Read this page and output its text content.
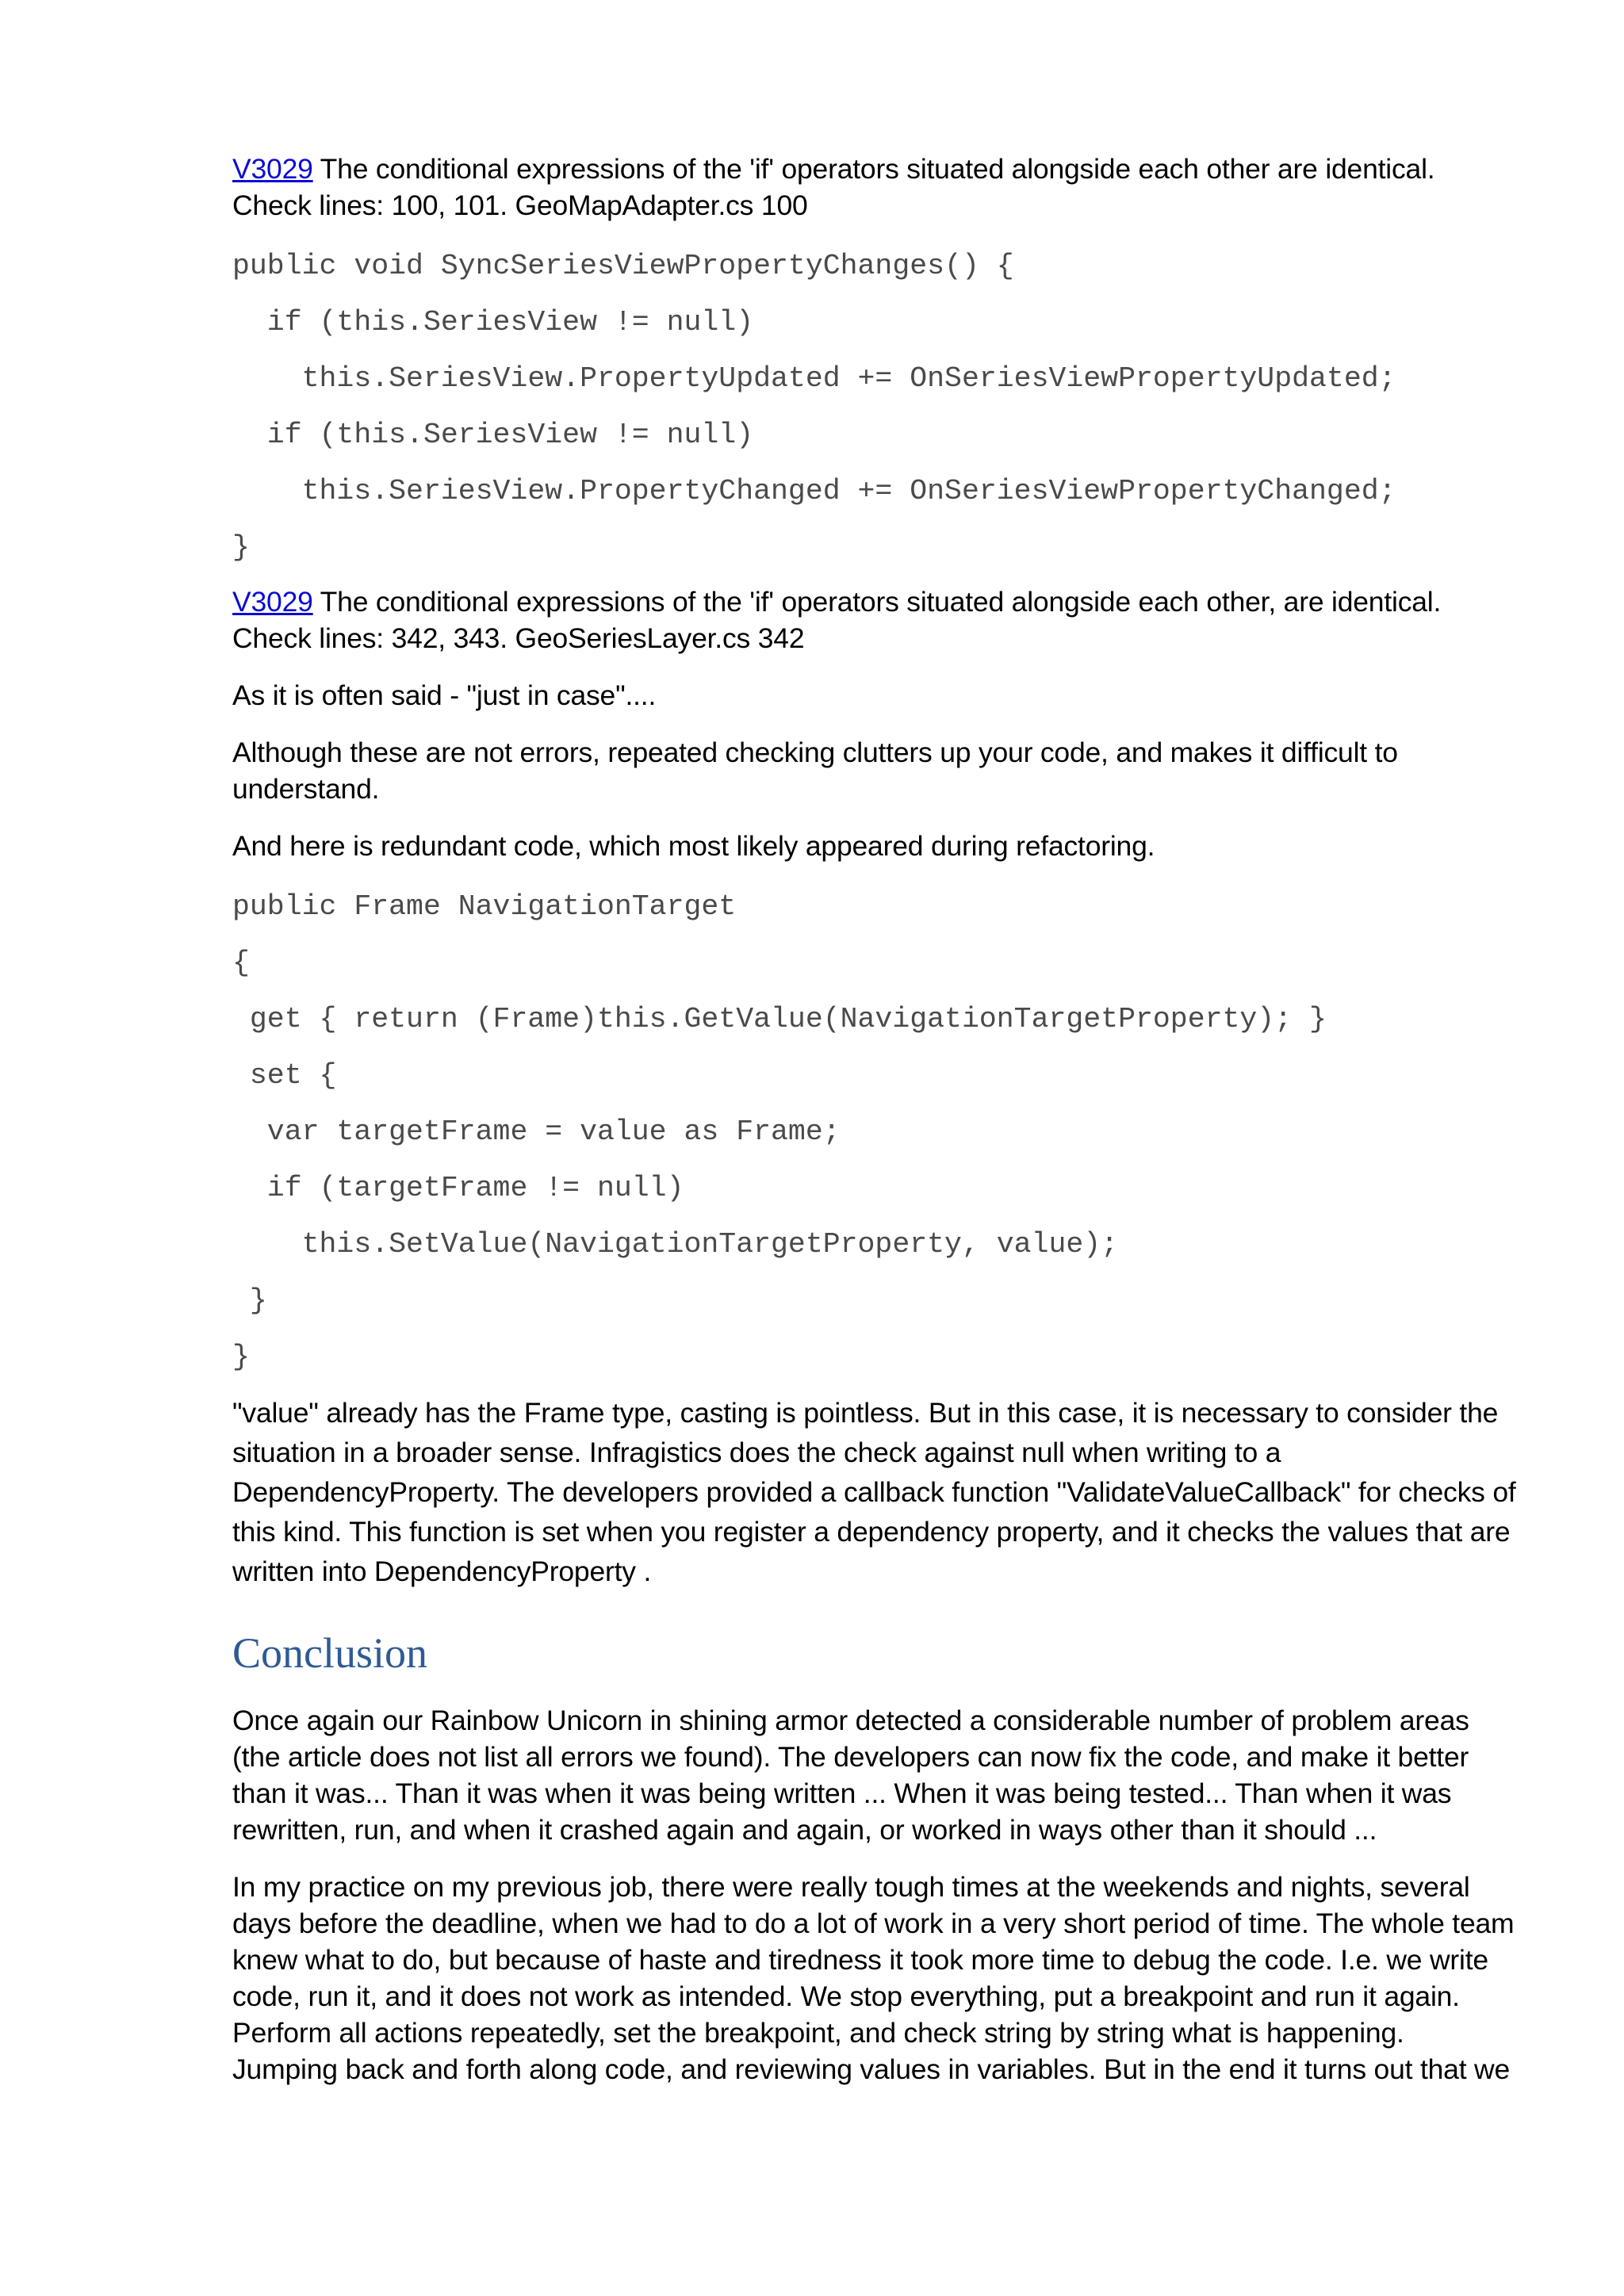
V3029 The conditional expressions of the 'if' operators situated alongside each other are identical. Check lines: 100, 101. GeoMapAdapter.cs 100

public void SyncSeriesViewPropertyChanges() {
if (this.SeriesView != null)
this.SeriesView.PropertyUpdated += OnSeriesViewPropertyUpdated;
if (this.SeriesView != null)
this.SeriesView.PropertyChanged += OnSeriesViewPropertyChanged;
}

V3029 The conditional expressions of the 'if' operators situated alongside each other, are identical. Check lines: 342, 343. GeoSeriesLayer.cs 342

As it is often said - "just in case"....

Although these are not errors, repeated checking clutters up your code, and makes it difficult to understand.

And here is redundant code, which most likely appeared during refactoring.

public Frame NavigationTarget
{
get { return (Frame)this.GetValue(NavigationTargetProperty); }
set {
var targetFrame = value as Frame;
if (targetFrame != null)
this.SetValue(NavigationTargetProperty, value);
}
}

"value" already has the Frame type, casting is pointless. But in this case, it is necessary to consider the situation in a broader sense. Infragistics does the check against null when writing to a DependencyProperty. The developers provided a callback function "ValidateValueCallback" for checks of this kind. This function is set when you register a dependency property, and it checks the values that are written into DependencyProperty .

Conclusion

Once again our Rainbow Unicorn in shining armor detected a considerable number of problem areas (the article does not list all errors we found). The developers can now fix the code, and make it better than it was... Than it was when it was being written ... When it was being tested... Than when it was rewritten, run, and when it crashed again and again, or worked in ways other than it should ...

In my practice on my previous job, there were really tough times at the weekends and nights, several days before the deadline, when we had to do a lot of work in a very short period of time. The whole team knew what to do, but because of haste and tiredness it took more time to debug the code. I.e. we write code, run it, and it does not work as intended. We stop everything, put a breakpoint and run it again. Perform all actions repeatedly, set the breakpoint, and check string by string what is happening. Jumping back and forth along code, and reviewing values in variables. But in the end it turns out that we
